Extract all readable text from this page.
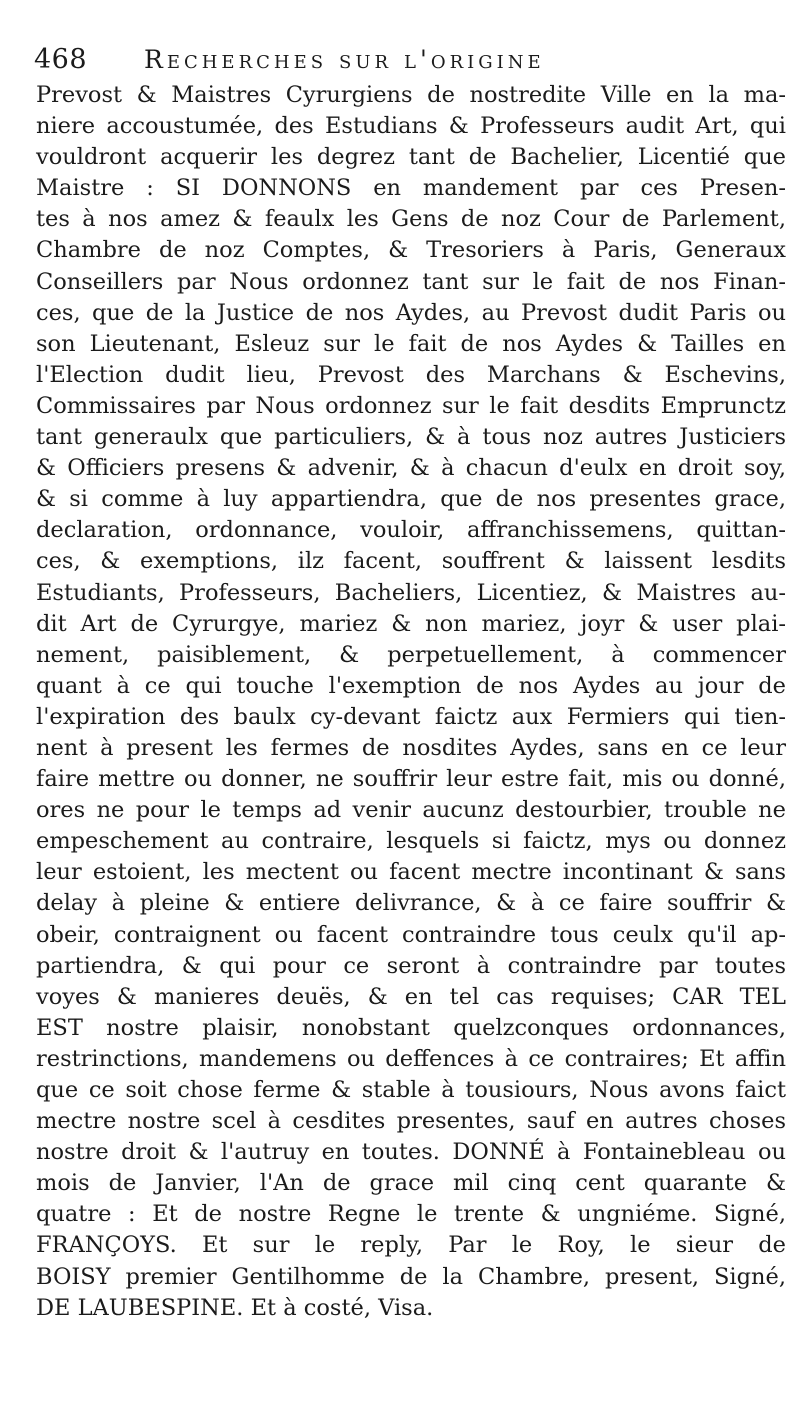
468 Recherches sur l'origine
Prevost & Maistres Cyrurgiens de nostredite Ville en la ma-
niere accoustumée, des Estudians & Professeurs audit Art, qui
vouldront acquerir les degrez tant de Bachelier, Licentié que
Maistre : SI DONNONS en mandement par ces Presen-
tes à nos amez & feaulx les Gens de noz Cour de Parlement,
Chambre de noz Comptes, & Tresoriers à Paris, Generaux
Conseillers par Nous ordonnez tant sur le fait de nos Finan-
ces, que de la Justice de nos Aydes, au Prevost dudit Paris ou
son Lieutenant, Esleuz sur le fait de nos Aydes & Tailles en
l'Election dudit lieu, Prevost des Marchans & Eschevins,
Commissaires par Nous ordonnez sur le fait desdits Emprunctz
tant generaulx que particuliers, & à tous noz autres Justiciers
& Officiers presens & advenir, & à chacun d'eulx en droit soy,
& si comme à luy appartiendra, que de nos presentes grace,
declaration, ordonnance, vouloir, affranchissemens, quittan-
ces, & exemptions, ilz facent, souffrent & laissent lesdits
Estudiants, Professeurs, Bacheliers, Licentiez, & Maistres au-
dit Art de Cyrurgye, mariez & non mariez, joyr & user plai-
nement, paisiblement, & perpetuellement, à commencer
quant à ce qui touche l'exemption de nos Aydes au jour de
l'expiration des baulx cy-devant faictz aux Fermiers qui tien-
nent à present les fermes de nosdites Aydes, sans en ce leur
faire mettre ou donner, ne souffrir leur estre fait, mis ou donné,
ores ne pour le temps ad venir aucunz destourbier, trouble ne
empeschement au contraire, lesquels si faictz, mys ou donnez
leur estoient, les mectent ou facent mectre incontinant & sans
delay à pleine & entiere delivrance, & à ce faire souffrir &
obeir, contraignent ou facent contraindre tous ceulx qu'il ap-
partiendra, & qui pour ce seront à contraindre par toutes
voyes & manieres deuës, & en tel cas requises; CAR TEL
EST nostre plaisir, nonobstant quelzconques ordonnances,
restrinctions, mandemens ou deffences à ce contraires; Et affin
que ce soit chose ferme & stable à tousiours, Nous avons faict
mectre nostre scel à cesdites presentes, sauf en autres choses
nostre droit & l'autruy en toutes. DONNÉ à Fontainebleau ou
mois de Janvier, l'An de grace mil cinq cent quarante &
quatre : Et de nostre Regne le trente & ungniéme. Signé,
FRANÇOYS. Et sur le reply, Par le Roy, le sieur de
BOISY premier Gentilhomme de la Chambre, present, Signé,
DE LAUBESPINE. Et à costé, Visa.
